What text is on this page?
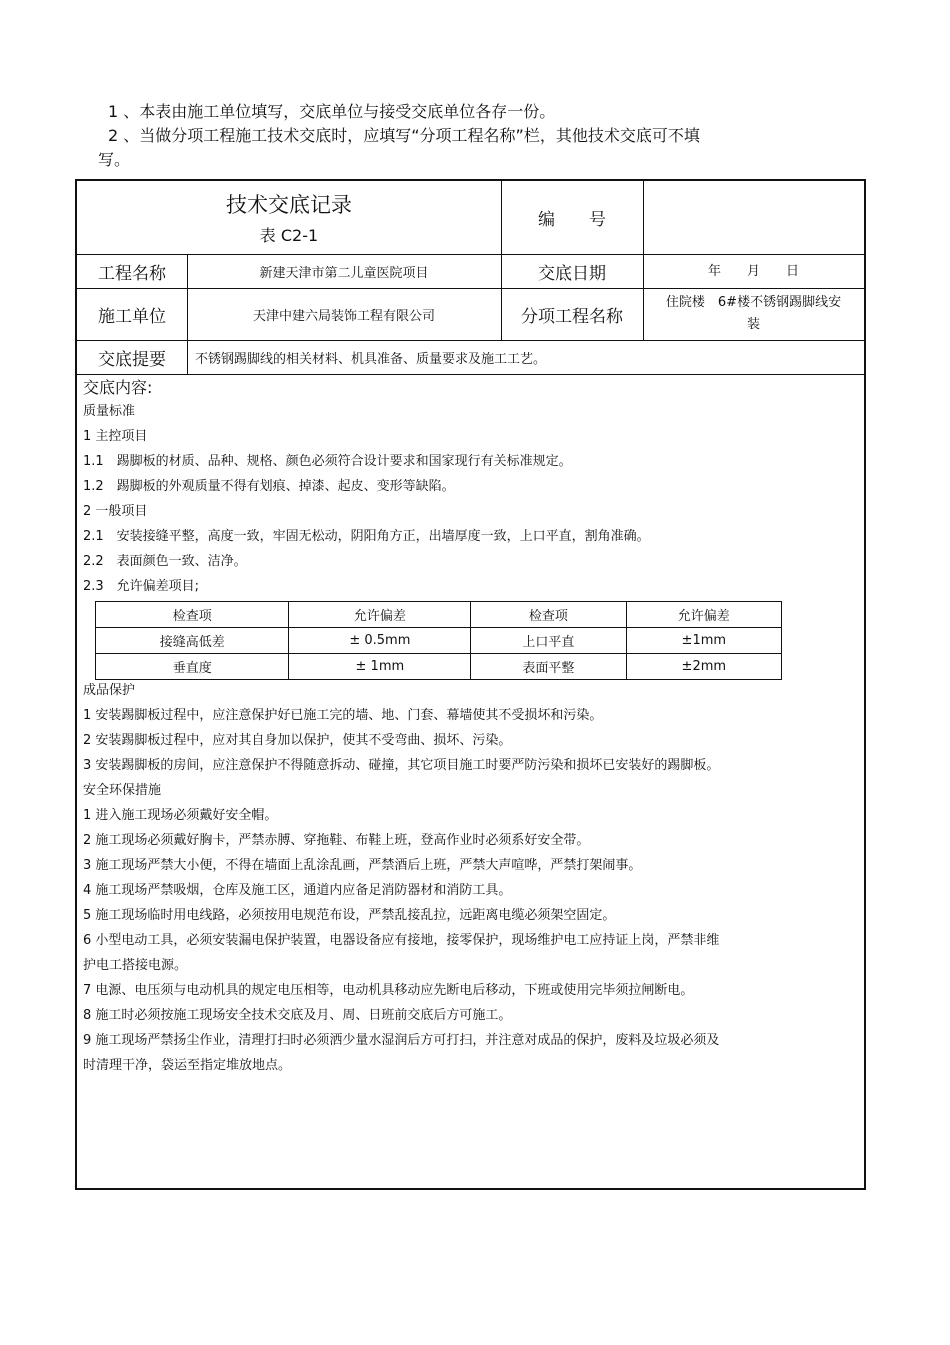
1 、本表由施工单位填写，交底单位与接受交底单位各存一份。

2 、当做分项工程施工技术交底时，应填写“分项工程名称”栏，其他技术交底可不填

写。

技术交底记录
表 C2-1
编　　号
工程名称	新建天津市第二儿童医院项目	交底日期	年　　月　　日
施工单位	天津中建六局装饰工程有限公司	分项工程名称
住院楼　6#楼不锈钢踢脚线安装
交底提要	不锈钢踢脚线的相关材料、机具准备、质量要求及施工工艺。
交底内容:
质量标准
1 主控项目
1.1　踢脚板的材质、品种、规格、颜色必须符合设计要求和国家现行有关标准规定。
1.2　踢脚板的外观质量不得有划痕、掉漆、起皮、变形等缺陷。
2 一般项目
2.1　安装接缝平整，高度一致，牢固无松动，阴阳角方正，出墙厚度一致，上口平直，割角准确。
2.2　表面颜色一致、洁净。
2.3　允许偏差项目;
检查项	允许偏差	检查项	允许偏差
接缝高低差	± 0.5mm	上口平直	±1mm
垂直度	± 1mm	表面平整	±2mm
成品保护
1 安装踢脚板过程中，应注意保护好已施工完的墙、地、门套、幕墙使其不受损坏和污染。
2 安装踢脚板过程中，应对其自身加以保护，使其不受弯曲、损坏、污染。
3 安装踢脚板的房间，应注意保护不得随意拆动、碰撞，其它项目施工时要严防污染和损坏已安装好的踢脚板。
安全环保措施
1 进入施工现场必须戴好安全帽。
2 施工现场必须戴好胸卡，严禁赤膊、穿拖鞋、布鞋上班，登高作业时必须系好安全带。
3 施工现场严禁大小便，不得在墙面上乱涂乱画，严禁酒后上班，严禁大声喧哗，严禁打架闹事。
4 施工现场严禁吸烟，仓库及施工区，通道内应备足消防器材和消防工具。
5 施工现场临时用电线路，必须按用电规范布设，严禁乱接乱拉，远距离电缆必须架空固定。
6 小型电动工具，必须安装漏电保护装置，电器设备应有接地，接零保护，现场维护电工应持证上岗，严禁非维
护电工搭接电源。
7 电源、电压须与电动机具的规定电压相等，电动机具移动应先断电后移动，下班或使用完毕须拉闸断电。
8 施工时必须按施工现场安全技术交底及月、周、日班前交底后方可施工。
9 施工现场严禁扬尘作业，清理打扫时必须洒少量水湿润后方可打扫，并注意对成品的保护，废料及垃圾必须及
时清理干净，袋运至指定堆放地点。
